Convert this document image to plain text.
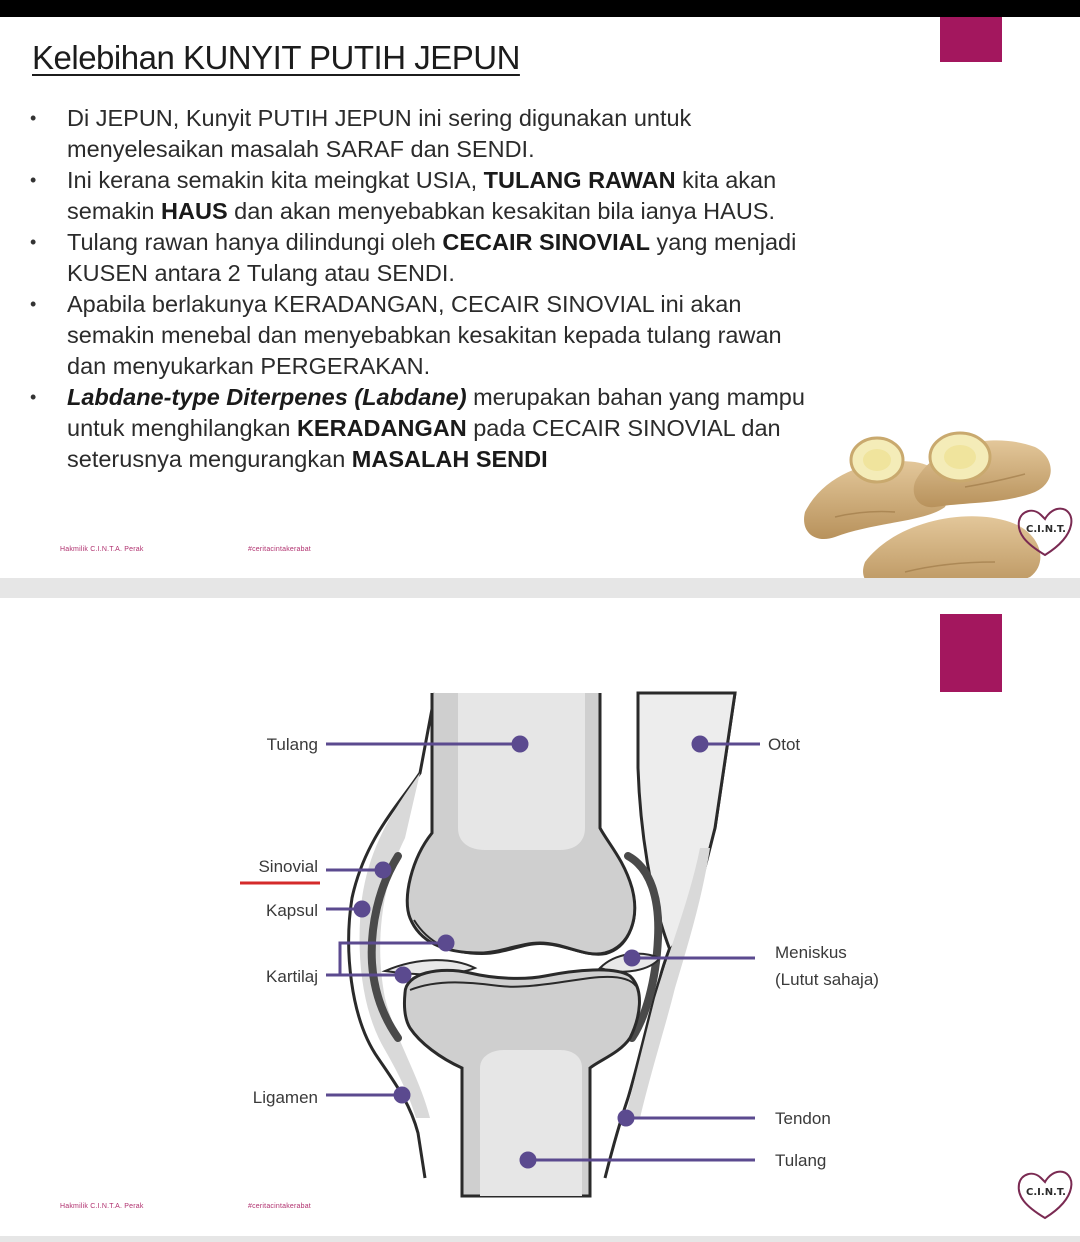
Kelebihan KUNYIT PUTIH JEPUN
• Di JEPUN, Kunyit PUTIH JEPUN ini sering digunakan untuk menyelesaikan masalah SARAF dan SENDI.
• Ini kerana semakin kita meingkat USIA, TULANG RAWAN kita akan semakin HAUS dan akan menyebabkan kesakitan bila ianya HAUS.
• Tulang rawan hanya dilindungi oleh CECAIR SINOVIAL yang menjadi KUSEN antara 2 Tulang atau SENDI.
• Apabila berlakunya KERADANGAN, CECAIR SINOVIAL ini akan semakin menebal dan menyebabkan kesakitan kepada tulang rawan dan menyukarkan PERGERAKAN.
• Labdane-type Diterpenes (Labdane) merupakan bahan yang mampu untuk menghilangkan KERADANGAN pada CECAIR SINOVIAL dan seterusnya mengurangkan MASALAH SENDI
C.I.N.T.
Hakmilik C.I.N.T.A. Perak	#ceritacintakerabat
Tulang	Otot
Sinovial
Kapsul
Kartilaj
Meniskus
(Lutut sahaja)
Ligamen
Tendon
Tulang
C.I.N.T.
Hakmilik C.I.N.T.A. Perak	#ceritacintakerabat
